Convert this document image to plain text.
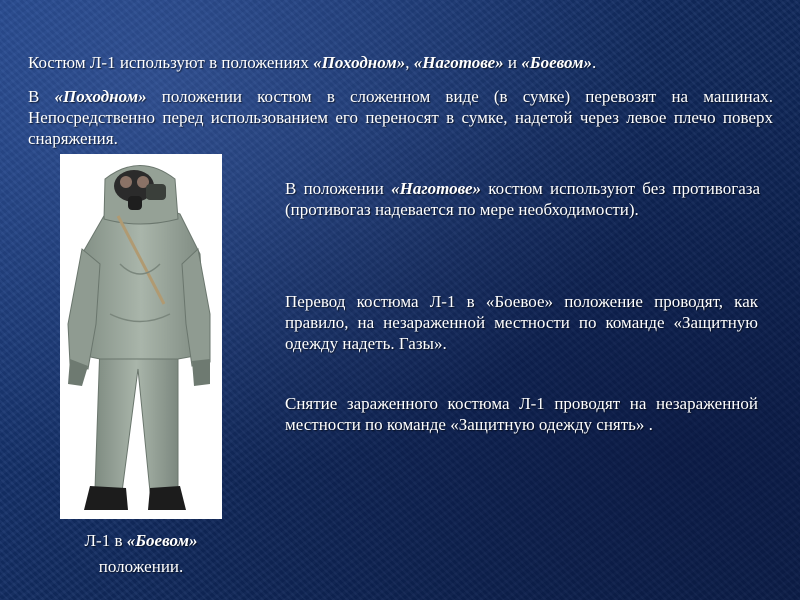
Костюм Л-1 используют в положениях «Походном», «Наготове» и «Боевом».
В «Походном» положении костюм в сложенном виде (в сумке) перевозят на машинах. Непосредственно перед использованием его переносят в сумке, надетой через левое плечо поверх снаряжения.
В положении «Наготове» костюм используют без противогаза (противогаз надевается по мере необходимости).
Перевод костюма Л-1 в «Боевое» положение проводят, как правило, на незараженной местности по команде «Защитную одежду надеть. Газы».
Снятие зараженного костюма Л-1 проводят на незараженной местности по команде «Защитную одежду снять» .
Л-1 в «Боевом»
положении.
